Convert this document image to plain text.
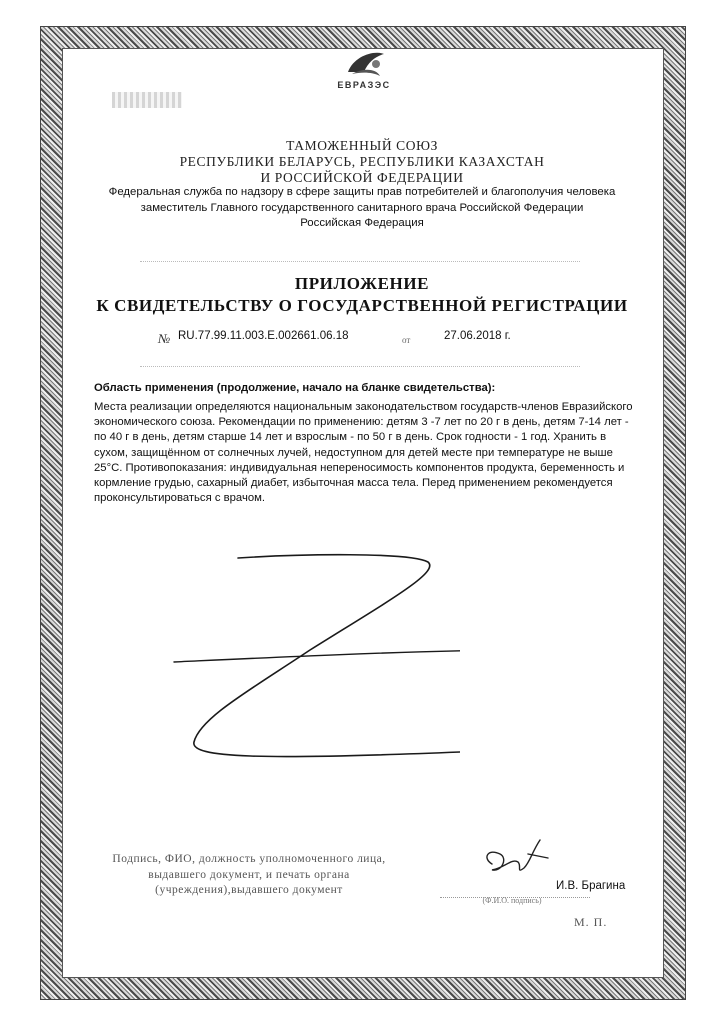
ЕВРАЗЭС
ТАМОЖЕННЫЙ СОЮЗ
РЕСПУБЛИКИ БЕЛАРУСЬ, РЕСПУБЛИКИ КАЗАХСТАН
И РОССИЙСКОЙ ФЕДЕРАЦИИ
Федеральная служба по надзору в сфере защиты прав потребителей и благополучия человека
заместитель Главного государственного санитарного врача Российской Федерации
Российская Федерация
ПРИЛОЖЕНИЕ
К СВИДЕТЕЛЬСТВУ О ГОСУДАРСТВЕННОЙ РЕГИСТРАЦИИ
№ RU.77.99.11.003.E.002661.06.18	от	27.06.2018 г.
Область применения (продолжение, начало на бланке свидетельства):
Места реализации определяются национальным законодательством государств-членов Евразийского экономического союза. Рекомендации по применению: детям 3 -7 лет по 20 г в день, детям 7-14 лет - по 40 г в день, детям старше 14 лет и взрослым - по 50 г в день. Срок годности - 1 год. Хранить в сухом, защищённом от солнечных лучей, недоступном для детей месте при температуре не выше 25°С. Противопоказания: индивидуальная непереносимость компонентов продукта, беременность и кормление грудью, сахарный диабет, избыточная масса тела. Перед применением рекомендуется проконсультироваться с врачом.
Подпись, ФИО, должность уполномоченного лица, выдавшего документ, и печать органа (учреждения),выдавшего документ	И.В. Брагина
(Ф.И.О. подпись)
М. П.
